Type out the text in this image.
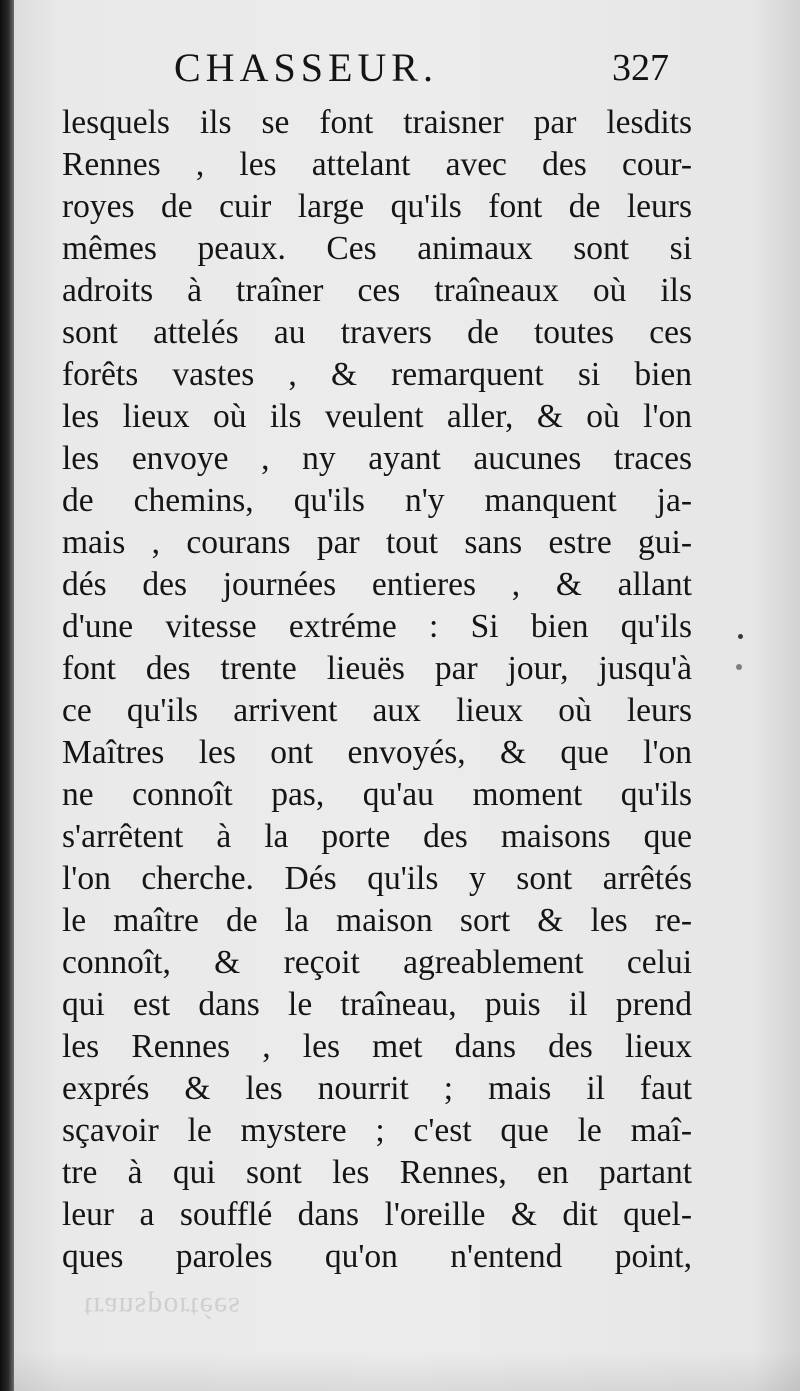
CHASSEUR.	327
lesquels ils se font traisner par lesdits
Rennes , les attelant avec des cour-
royes de cuir large qu'ils font de leurs
mêmes peaux. Ces animaux sont si
adroits à traîner ces traîneaux où ils
sont attelés au travers de toutes ces
forêts vastes , & remarquent si bien
les lieux où ils veulent aller, & où l'on
les envoye , ny ayant aucunes traces
de chemins, qu'ils n'y manquent ja-
mais , courans par tout sans estre gui-
dés des journées entieres , & allant
d'une vitesse extréme : Si bien qu'ils
font des trente lieuës par jour, jusqu'à
ce qu'ils arrivent aux lieux où leurs
Maîtres les ont envoyés, & que l'on
ne connoît pas, qu'au moment qu'ils
s'arrêtent à la porte des maisons que
l'on cherche. Dés qu'ils y sont arrêtés
le maître de la maison sort & les re-
connoît, & reçoit agreablement celui
qui est dans le traîneau, puis il prend
les Rennes , les met dans des lieux
exprés & les nourrit ; mais il faut
sçavoir le mystere ; c'est que le maî-
tre à qui sont les Rennes, en partant
leur a soufflé dans l'oreille & dit quel-
ques paroles qu'on n'entend point,
transportées
